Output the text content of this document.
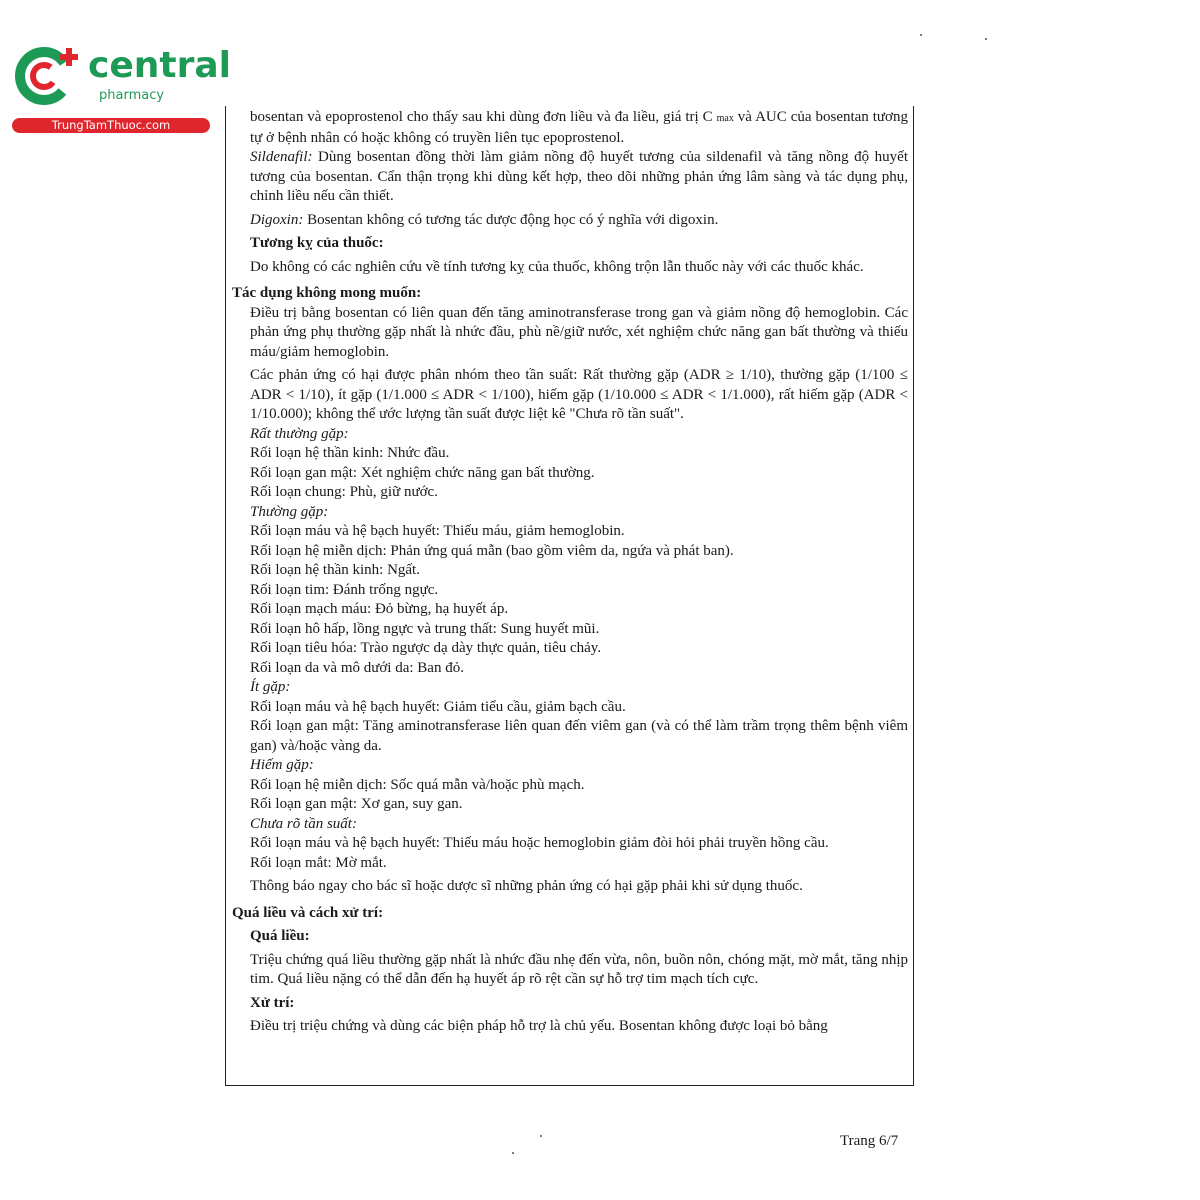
central
pharmacy
TrungTamThuoc.com	bosentan và epoprostenol cho thấy sau khi dùng đơn liều và đa liều, giá trị C max và AUC của bosentan tương tự ở bệnh nhân có hoặc không có truyền liên tục epoprostenol.

Sildenafil: Dùng bosentan đồng thời làm giảm nồng độ huyết tương của sildenafil và tăng nồng độ huyết tương của bosentan. Cẩn thận trọng khi dùng kết hợp, theo dõi những phản ứng lâm sàng và tác dụng phụ, chỉnh liều nếu cần thiết.

Digoxin: Bosentan không có tương tác dược động học có ý nghĩa với digoxin.

Tương kỵ của thuốc:

Do không có các nghiên cứu về tính tương kỵ của thuốc, không trộn lẫn thuốc này với các thuốc khác.

Tác dụng không mong muốn:

Điều trị bằng bosentan có liên quan đến tăng aminotransferase trong gan và giảm nồng độ hemoglobin. Các phản ứng phụ thường gặp nhất là nhức đầu, phù nề/giữ nước, xét nghiệm chức năng gan bất thường và thiếu máu/giảm hemoglobin.

Các phản ứng có hại được phân nhóm theo tần suất: Rất thường gặp (ADR ≥ 1/10), thường gặp (1/100 ≤ ADR < 1/10), ít gặp (1/1.000 ≤ ADR < 1/100), hiếm gặp (1/10.000 ≤ ADR < 1/1.000), rất hiếm gặp (ADR < 1/10.000); không thể ước lượng tần suất được liệt kê "Chưa rõ tần suất".

Rất thường gặp:

Rối loạn hệ thần kinh: Nhức đầu.

Rối loạn gan mật: Xét nghiệm chức năng gan bất thường.

Rối loạn chung: Phù, giữ nước.

Thường gặp:

Rối loạn máu và hệ bạch huyết: Thiếu máu, giảm hemoglobin.

Rối loạn hệ miễn dịch: Phản ứng quá mẫn (bao gồm viêm da, ngứa và phát ban).

Rối loạn hệ thần kinh: Ngất.

Rối loạn tim: Đánh trống ngực.

Rối loạn mạch máu: Đỏ bừng, hạ huyết áp.

Rối loạn hô hấp, lồng ngực và trung thất: Sung huyết mũi.

Rối loạn tiêu hóa: Trào ngược dạ dày thực quản, tiêu chảy.

Rối loạn da và mô dưới da: Ban đỏ.

Ít gặp:

Rối loạn máu và hệ bạch huyết: Giảm tiểu cầu, giảm bạch cầu.

Rối loạn gan mật: Tăng aminotransferase liên quan đến viêm gan (và có thể làm trầm trọng thêm bệnh viêm gan) và/hoặc vàng da.

Hiếm gặp:

Rối loạn hệ miễn dịch: Sốc quá mẫn và/hoặc phù mạch.

Rối loạn gan mật: Xơ gan, suy gan.

Chưa rõ tần suất:

Rối loạn máu và hệ bạch huyết: Thiếu máu hoặc hemoglobin giảm đòi hỏi phải truyền hồng cầu.

Rối loạn mắt: Mờ mắt.

Thông báo ngay cho bác sĩ hoặc dược sĩ những phản ứng có hại gặp phải khi sử dụng thuốc.

Quá liều và cách xử trí:

Quá liều:

Triệu chứng quá liều thường gặp nhất là nhức đầu nhẹ đến vừa, nôn, buồn nôn, chóng mặt, mờ mắt, tăng nhịp tim. Quá liều nặng có thể dẫn đến hạ huyết áp rõ rệt cần sự hỗ trợ tim mạch tích cực.

Xử trí:

Điều trị triệu chứng và dùng các biện pháp hỗ trợ là chủ yếu. Bosentan không được loại bỏ bằng

Trang 6/7
